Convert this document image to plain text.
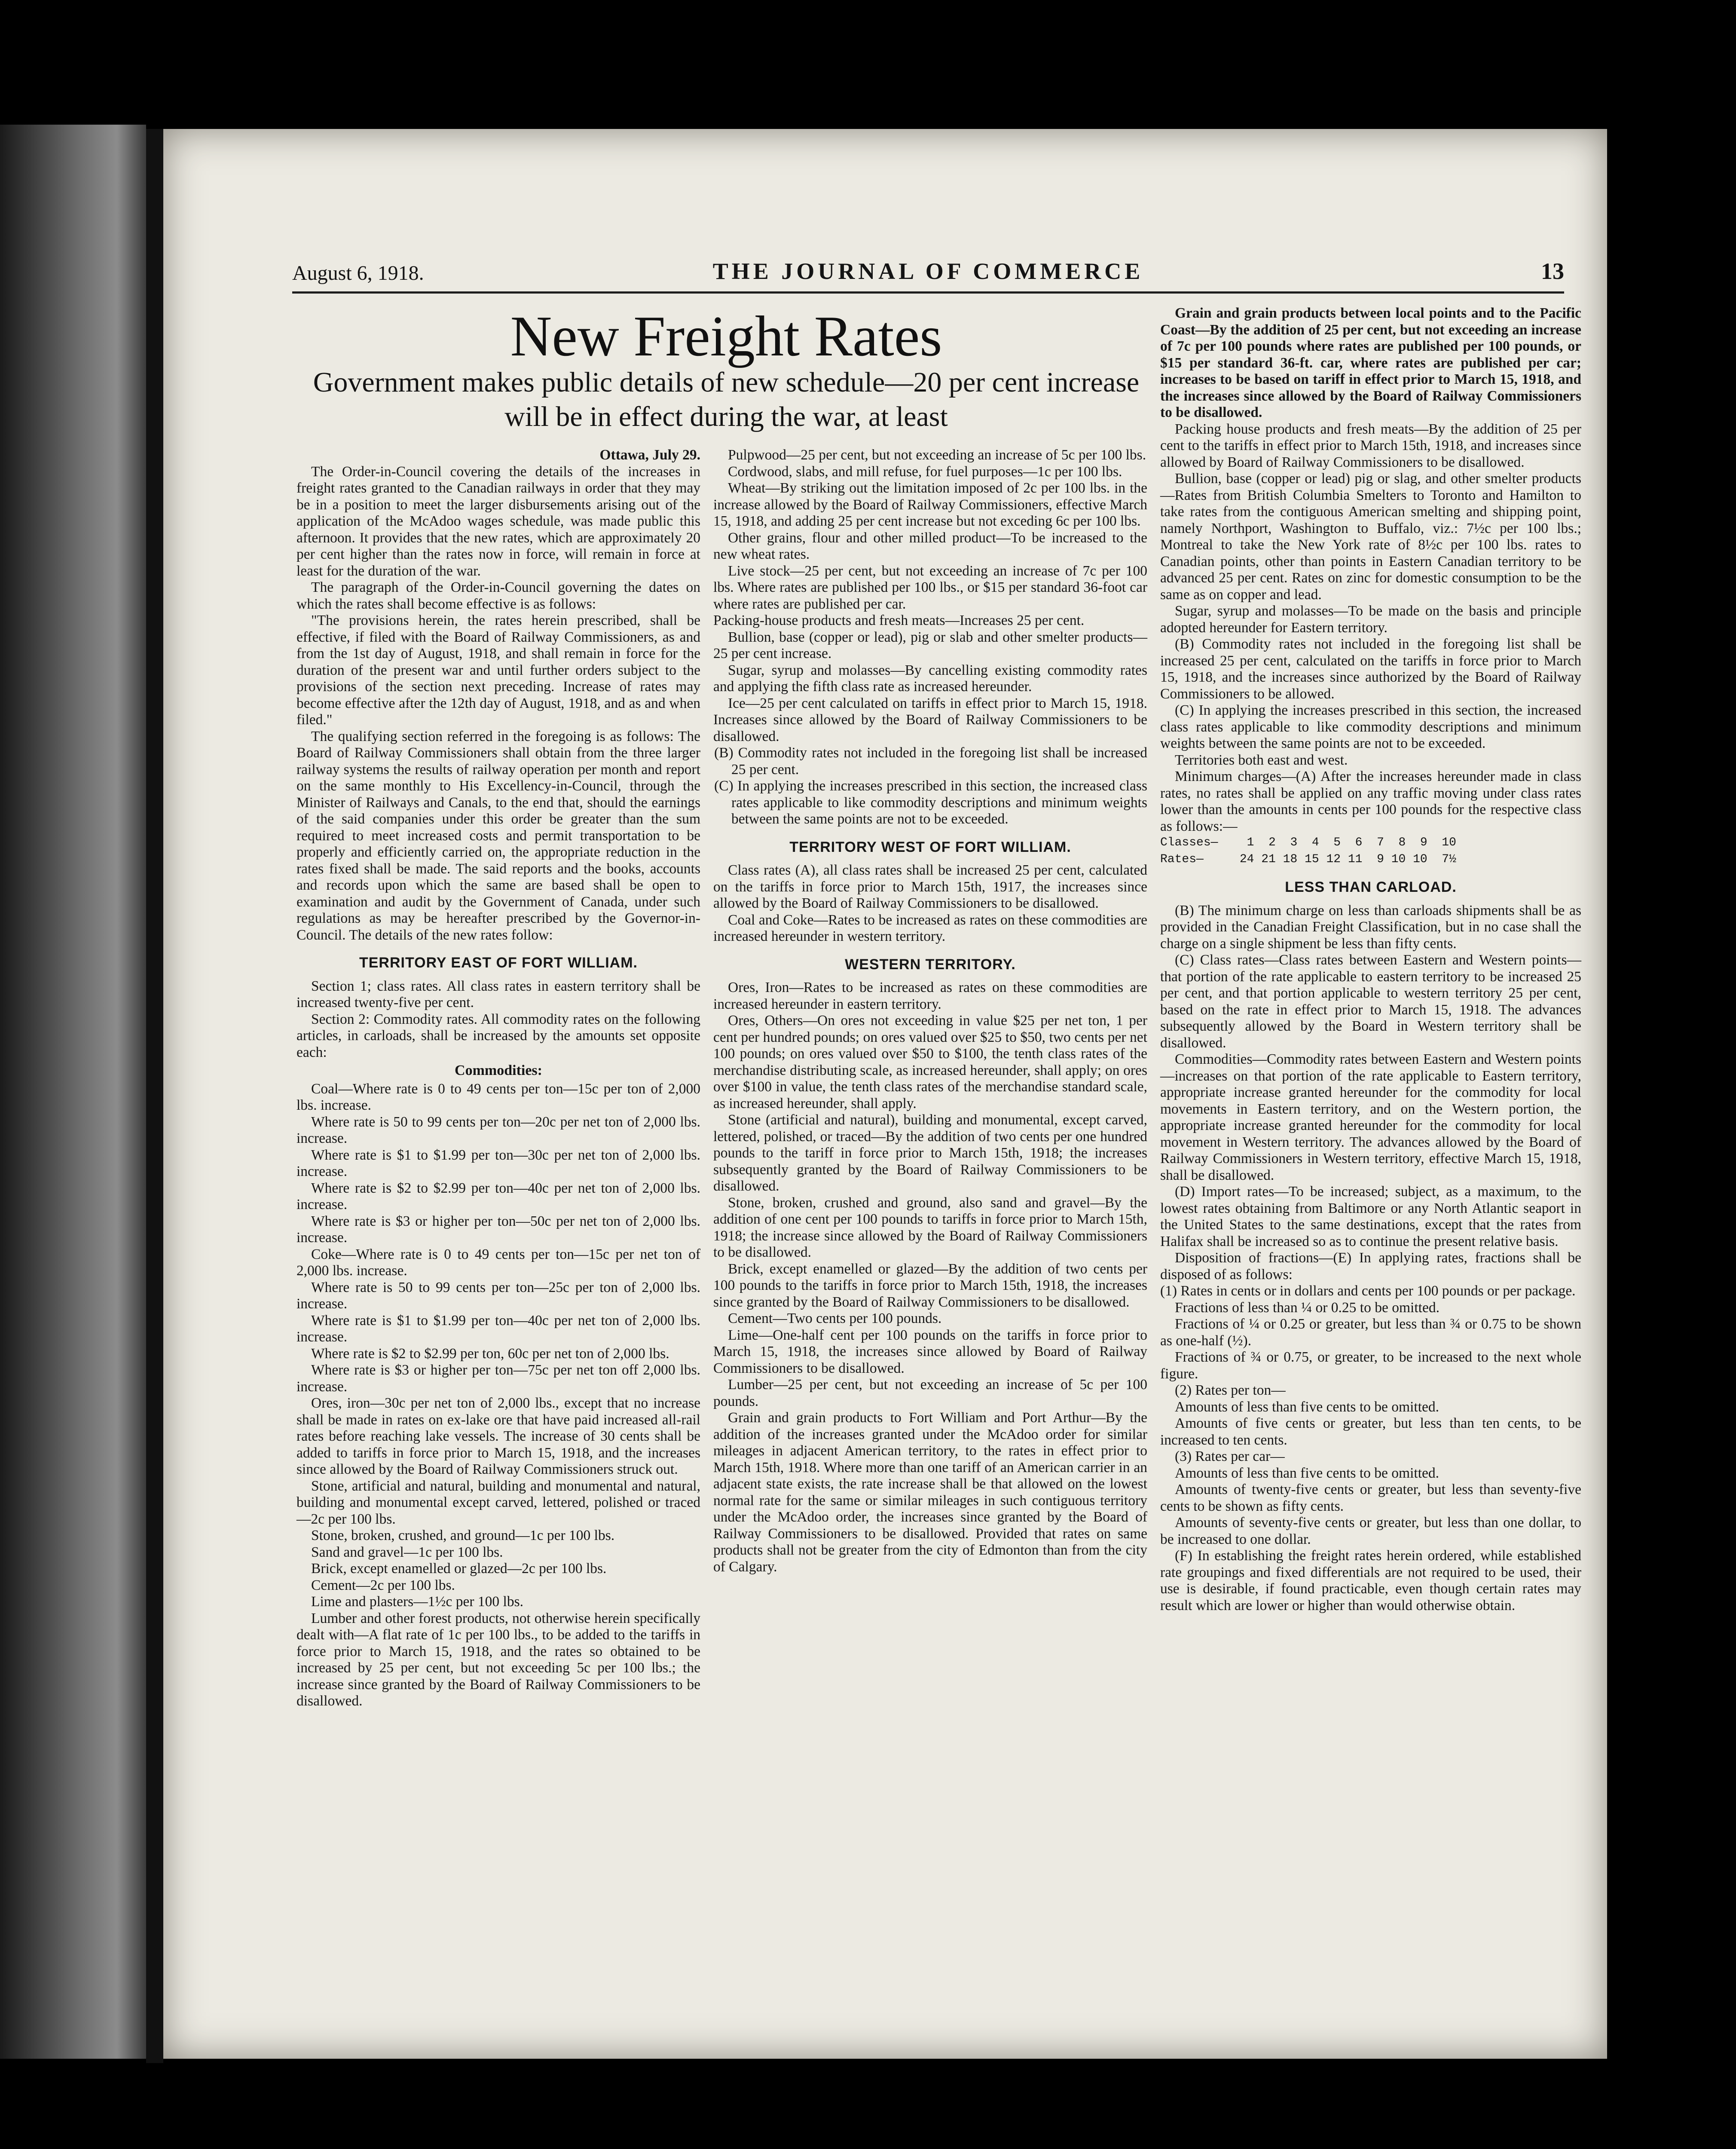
August 6, 1918.	THE JOURNAL OF COMMERCE	13
New Freight Rates
Government makes public details of new schedule—20 per cent increase will be in effect during the war, at least

Ottawa, July 29.

The Order-in-Council covering the details of the increases in freight rates granted to the Canadian railways in order that they may be in a position to meet the larger disbursements arising out of the application of the McAdoo wages schedule, was made public this afternoon. It provides that the new rates, which are approximately 20 per cent higher than the rates now in force, will remain in force at least for the duration of the war.

The paragraph of the Order-in-Council governing the dates on which the rates shall become effective is as follows:

"The provisions herein, the rates herein prescribed, shall be effective, if filed with the Board of Railway Commissioners, as and from the 1st day of August, 1918, and shall remain in force for the duration of the present war and until further orders subject to the provisions of the section next preceding. Increase of rates may become effective after the 12th day of August, 1918, and as and when filed."

The qualifying section referred in the foregoing is as follows: The Board of Railway Commissioners shall obtain from the three larger railway systems the results of railway operation per month and report on the same monthly to His Excellency-in-Council, through the Minister of Railways and Canals, to the end that, should the earnings of the said companies under this order be greater than the sum required to meet increased costs and permit transportation to be properly and efficiently carried on, the appropriate reduction in the rates fixed shall be made. The said reports and the books, accounts and records upon which the same are based shall be open to examination and audit by the Government of Canada, under such regulations as may be hereafter prescribed by the Governor-in-Council. The details of the new rates follow:

TERRITORY EAST OF FORT WILLIAM.

Section 1; class rates. All class rates in eastern territory shall be increased twenty-five per cent.

Section 2: Commodity rates. All commodity rates on the following articles, in carloads, shall be increased by the amounts set opposite each:

Commodities:

Coal—Where rate is 0 to 49 cents per ton—15c per ton of 2,000 lbs. increase.

Where rate is 50 to 99 cents per ton—20c per net ton of 2,000 lbs. increase.

Where rate is $1 to $1.99 per ton—30c per net ton of 2,000 lbs. increase.

Where rate is $2 to $2.99 per ton—40c per net ton of 2,000 lbs. increase.

Where rate is $3 or higher per ton—50c per net ton of 2,000 lbs. increase.

Coke—Where rate is 0 to 49 cents per ton—15c per net ton of 2,000 lbs. increase.

Where rate is 50 to 99 cents per ton—25c per ton of 2,000 lbs. increase.

Where rate is $1 to $1.99 per ton—40c per net ton of 2,000 lbs. increase.

Where rate is $2 to $2.99 per ton, 60c per net ton of 2,000 lbs.

Where rate is $3 or higher per ton—75c per net ton off 2,000 lbs. increase.

Ores, iron—30c per net ton of 2,000 lbs., except that no increase shall be made in rates on ex-lake ore that have paid increased all-rail rates before reaching lake vessels. The increase of 30 cents shall be added to tariffs in force prior to March 15, 1918, and the increases since allowed by the Board of Railway Commissioners struck out.

Stone, artificial and natural, building and monumental and natural, building and monumental except carved, lettered, polished or traced—2c per 100 lbs.

Stone, broken, crushed, and ground—1c per 100 lbs.

Sand and gravel—1c per 100 lbs.

Brick, except enamelled or glazed—2c per 100 lbs.

Cement—2c per 100 lbs.

Lime and plasters—1½c per 100 lbs.

Lumber and other forest products, not otherwise herein specifically dealt with—A flat rate of 1c per 100 lbs., to be added to the tariffs in force prior to March 15, 1918, and the rates so obtained to be increased by 25 per cent, but not exceeding 5c per 100 lbs.; the increase since granted by the Board of Railway Commissioners to be disallowed.

Pulpwood—25 per cent, but not exceeding an increase of 5c per 100 lbs.

Cordwood, slabs, and mill refuse, for fuel purposes—1c per 100 lbs.

Wheat—By striking out the limitation imposed of 2c per 100 lbs. in the increase allowed by the Board of Railway Commissioners, effective March 15, 1918, and adding 25 per cent increase but not exceding 6c per 100 lbs.

Other grains, flour and other milled product—To be increased to the new wheat rates.

Live stock—25 per cent, but not exceeding an increase of 7c per 100 lbs. Where rates are published per 100 lbs., or $15 per standard 36-foot car where rates are published per car.

Packing-house products and fresh meats—Increases 25 per cent.

Bullion, base (copper or lead), pig or slab and other smelter products—25 per cent increase.

Sugar, syrup and molasses—By cancelling existing commodity rates and applying the fifth class rate as increased hereunder.

Ice—25 per cent calculated on tariffs in effect prior to March 15, 1918. Increases since allowed by the Board of Railway Commissioners to be disallowed.

(B) Commodity rates not included in the foregoing list shall be increased 25 per cent.

(C) In applying the increases prescribed in this section, the increased class rates applicable to like commodity descriptions and minimum weights between the same points are not to be exceeded.

TERRITORY WEST OF FORT WILLIAM.

Class rates (A), all class rates shall be increased 25 per cent, calculated on the tariffs in force prior to March 15th, 1917, the increases since allowed by the Board of Railway Commissioners to be disallowed.

Coal and Coke—Rates to be increased as rates on these commodities are increased hereunder in western territory.

WESTERN TERRITORY.

Ores, Iron—Rates to be increased as rates on these commodities are increased hereunder in eastern territory.

Ores, Others—On ores not exceeding in value $25 per net ton, 1 per cent per hundred pounds; on ores valued over $25 to $50, two cents per net 100 pounds; on ores valued over $50 to $100, the tenth class rates of the merchandise distributing scale, as increased hereunder, shall apply; on ores over $100 in value, the tenth class rates of the merchandise standard scale, as increased hereunder, shall apply.

Stone (artificial and natural), building and monumental, except carved, lettered, polished, or traced—By the addition of two cents per one hundred pounds to the tariff in force prior to March 15th, 1918; the increases subsequently granted by the Board of Railway Commissioners to be disallowed.

Stone, broken, crushed and ground, also sand and gravel—By the addition of one cent per 100 pounds to tariffs in force prior to March 15th, 1918; the increase since allowed by the Board of Railway Commissioners to be disallowed.

Brick, except enamelled or glazed—By the addition of two cents per 100 pounds to the tariffs in force prior to March 15th, 1918, the increases since granted by the Board of Railway Commissioners to be disallowed.

Cement—Two cents per 100 pounds.

Lime—One-half cent per 100 pounds on the tariffs in force prior to March 15, 1918, the increases since allowed by Board of Railway Commissioners to be disallowed.

Lumber—25 per cent, but not exceeding an increase of 5c per 100 pounds.

Grain and grain products to Fort William and Port Arthur—By the addition of the increases granted under the McAdoo order for similar mileages in adjacent American territory, to the rates in effect prior to March 15th, 1918. Where more than one tariff of an American carrier in an adjacent state exists, the rate increase shall be that allowed on the lowest normal rate for the same or similar mileages in such contiguous territory under the McAdoo order, the increases since granted by the Board of Railway Commissioners to be disallowed. Provided that rates on same products shall not be greater from the city of Edmonton than from the city of Calgary.

Grain and grain products between local points and to the Pacific Coast—By the addition of 25 per cent, but not exceeding an increase of 7c per 100 pounds where rates are published per 100 pounds, or $15 per standard 36-ft. car, where rates are published per car; increases to be based on tariff in effect prior to March 15, 1918, and the increases since allowed by the Board of Railway Commissioners to be disallowed.

Packing house products and fresh meats—By the addition of 25 per cent to the tariffs in effect prior to March 15th, 1918, and increases since allowed by Board of Railway Commissioners to be disallowed.

Bullion, base (copper or lead) pig or slag, and other smelter products—Rates from British Columbia Smelters to Toronto and Hamilton to take rates from the contiguous American smelting and shipping point, namely Northport, Washington to Buffalo, viz.: 7½c per 100 lbs.; Montreal to take the New York rate of 8½c per 100 lbs. rates to Canadian points, other than points in Eastern Canadian territory to be advanced 25 per cent. Rates on zinc for domestic consumption to be the same as on copper and lead.

Sugar, syrup and molasses—To be made on the basis and principle adopted hereunder for Eastern territory.

(B) Commodity rates not included in the foregoing list shall be increased 25 per cent, calculated on the tariffs in force prior to March 15, 1918, and the increases since authorized by the Board of Railway Commissioners to be allowed.

(C) In applying the increases prescribed in this section, the increased class rates applicable to like commodity descriptions and minimum weights between the same points are not to be exceeded.

Territories both east and west.

Minimum charges—(A) After the increases hereunder made in class rates, no rates shall be applied on any traffic moving under class rates lower than the amounts in cents per 100 pounds for the respective class as follows:—

Classes—    1  2  3  4  5  6  7  8  9  10

Rates—     24 21 18 15 12 11  9 10 10  7½

LESS THAN CARLOAD.

(B) The minimum charge on less than carloads shipments shall be as provided in the Canadian Freight Classification, but in no case shall the charge on a single shipment be less than fifty cents.

(C) Class rates—Class rates between Eastern and Western points— that portion of the rate applicable to eastern territory to be increased 25 per cent, and that portion applicable to western territory 25 per cent, based on the rate in effect prior to March 15, 1918. The advances subsequently allowed by the Board in Western territory shall be disallowed.

Commodities—Commodity rates between Eastern and Western points—increases on that portion of the rate applicable to Eastern territory, appropriate increase granted hereunder for the commodity for local movements in Eastern territory, and on the Western portion, the appropriate increase granted hereunder for the commodity for local movement in Western territory. The advances allowed by the Board of Railway Commissioners in Western territory, effective March 15, 1918, shall be disallowed.

(D) Import rates—To be increased; subject, as a maximum, to the lowest rates obtaining from Baltimore or any North Atlantic seaport in the United States to the same destinations, except that the rates from Halifax shall be increased so as to continue the present relative basis.

Disposition of fractions—(E) In applying rates, fractions shall be disposed of as follows:

(1) Rates in cents or in dollars and cents per 100 pounds or per package.

Fractions of less than ¼ or 0.25 to be omitted.

Fractions of ¼ or 0.25 or greater, but less than ¾ or 0.75 to be shown as one-half (½).

Fractions of ¾ or 0.75, or greater, to be increased to the next whole figure.

(2) Rates per ton—

Amounts of less than five cents to be omitted.

Amounts of five cents or greater, but less than ten cents, to be increased to ten cents.

(3) Rates per car—

Amounts of less than five cents to be omitted.

Amounts of twenty-five cents or greater, but less than seventy-five cents to be shown as fifty cents.

Amounts of seventy-five cents or greater, but less than one dollar, to be increased to one dollar.

(F) In establishing the freight rates herein ordered, while established rate groupings and fixed differentials are not required to be used, their use is desirable, if found practicable, even though certain rates may result which are lower or higher than would otherwise obtain.
